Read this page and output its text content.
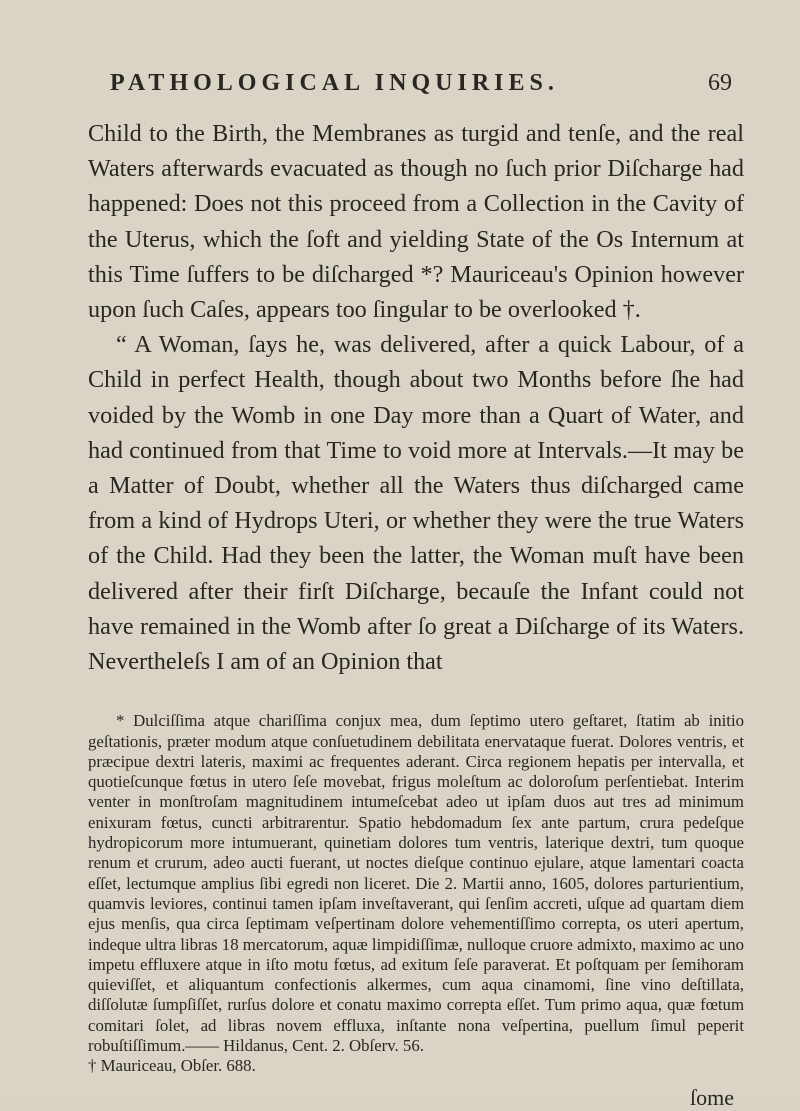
PATHOLOGICAL INQUIRIES.	69

Child to the Birth, the Membranes as turgid and tenſe, and the real Waters afterwards evacuated as though no ſuch prior Diſcharge had happened: Does not this proceed from a Collection in the Cavity of the Uterus, which the ſoft and yielding State of the Os Internum at this Time ſuffers to be diſcharged *? Mauriceau's Opinion however upon ſuch Caſes, appears too ſingular to be overlooked †.

“ A Woman, ſays he, was delivered, after a quick Labour, of a Child in perfect Health, though about two Months before ſhe had voided by the Womb in one Day more than a Quart of Water, and had continued from that Time to void more at Intervals.—It may be a Matter of Doubt, whether all the Waters thus diſcharged came from a kind of Hydrops Uteri, or whether they were the true Waters of the Child. Had they been the latter, the Woman muſt have been delivered after their firſt Diſcharge, becauſe the Infant could not have remained in the Womb after ſo great a Diſcharge of its Waters. Nevertheleſs I am of an Opinion that

* Dulciſſima atque chariſſima conjux mea, dum ſeptimo utero geſtaret, ſtatim ab initio geſtationis, præter modum atque conſuetudinem debilitata enervataque fuerat. Dolores ventris, et præcipue dextri lateris, maximi ac frequentes aderant. Circa regionem hepatis per intervalla, et quotieſcunque fœtus in utero ſeſe movebat, frigus moleſtum ac doloroſum perſentiebat. Interim venter in monſtroſam magnitudinem intumeſcebat adeo ut ipſam duos aut tres ad minimum enixuram fœtus, cuncti arbitrarentur. Spatio hebdomadum ſex ante partum, crura pedeſque hydropicorum more intumuerant, quinetiam dolores tum ventris, laterique dextri, tum quoque renum et crurum, adeo aucti fuerant, ut noctes dieſque continuo ejulare, atque lamentari coacta eſſet, lectumque amplius ſibi egredi non liceret. Die 2. Martii anno, 1605, dolores parturientium, quamvis leviores, continui tamen ipſam inveſtaverant, qui ſenſim accreti, uſque ad quartam diem ejus menſis, qua circa ſeptimam veſpertinam dolore vehementiſſimo correpta, os uteri apertum, indeque ultra libras 18 mercatorum, aquæ limpidiſſimæ, nulloque cruore admixto, maximo ac uno impetu effluxere atque in iſto motu fœtus, ad exitum ſeſe paraverat. Et poſtquam per ſemihoram quieviſſet, et aliquantum confectionis alkermes, cum aqua cinamomi, ſine vino deſtillata, diſſolutæ ſumpſiſſet, rurſus dolore et conatu maximo correpta eſſet. Tum primo aqua, quæ fœtum comitari ſolet, ad libras novem effluxa, inſtante nona veſpertina, puellum ſimul peperit robuſtiſſimum.—— Hildanus, Cent. 2. Obſerv. 56.

† Mauriceau, Obſer. 688.

ſome
